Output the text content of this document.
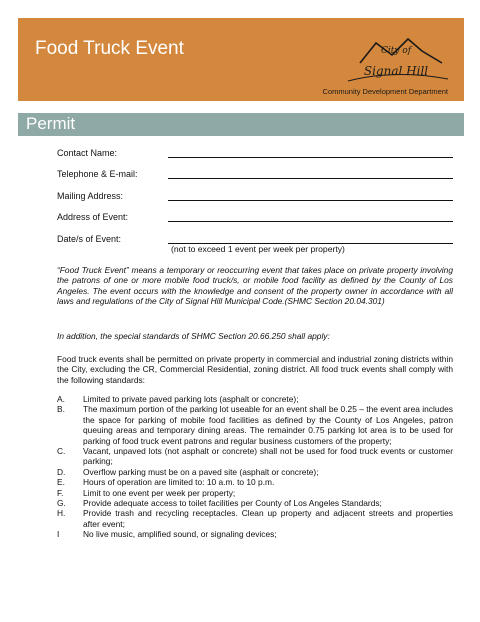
Food Truck Event	City of
Signal Hill
Community Development Department
Permit
Contact Name:
Telephone & E-mail:
Mailing Address:
Address of Event:
Date/s of Event:
(not to exceed 1 event per week per property)
“Food Truck Event” means a temporary or reoccurring event that takes place on private property involving the patrons of one or more mobile food truck/s, or mobile food facility as defined by the County of Los Angeles. The event occurs with the knowledge and consent of the property owner in accordance with all laws and regulations of the City of Signal Hill Municipal Code.(SHMC Section 20.04.301)
In addition, the special standards of SHMC Section 20.66.250 shall apply:
Food truck events shall be permitted on private property in commercial and industrial zoning districts within the City, excluding the CR, Commercial Residential, zoning district. All food truck events shall comply with the following standards:
A. Limited to private paved parking lots (asphalt or concrete);
B. The maximum portion of the parking lot useable for an event shall be 0.25 – the event area includes the space for parking of mobile food facilities as defined by the County of Los Angeles, patron queuing areas and temporary dining areas. The remainder 0.75 parking lot area is to be used for parking of food truck event patrons and regular business customers of the property;
C. Vacant, unpaved lots (not asphalt or concrete) shall not be used for food truck events or customer parking;
D. Overflow parking must be on a paved site (asphalt or concrete);
E. Hours of operation are limited to: 10 a.m. to 10 p.m.
F. Limit to one event per week per property;
G. Provide adequate access to toilet facilities per County of Los Angeles Standards;
H. Provide trash and recycling receptacles. Clean up property and adjacent streets and properties after event;
I	No live music, amplified sound, or signaling devices;
